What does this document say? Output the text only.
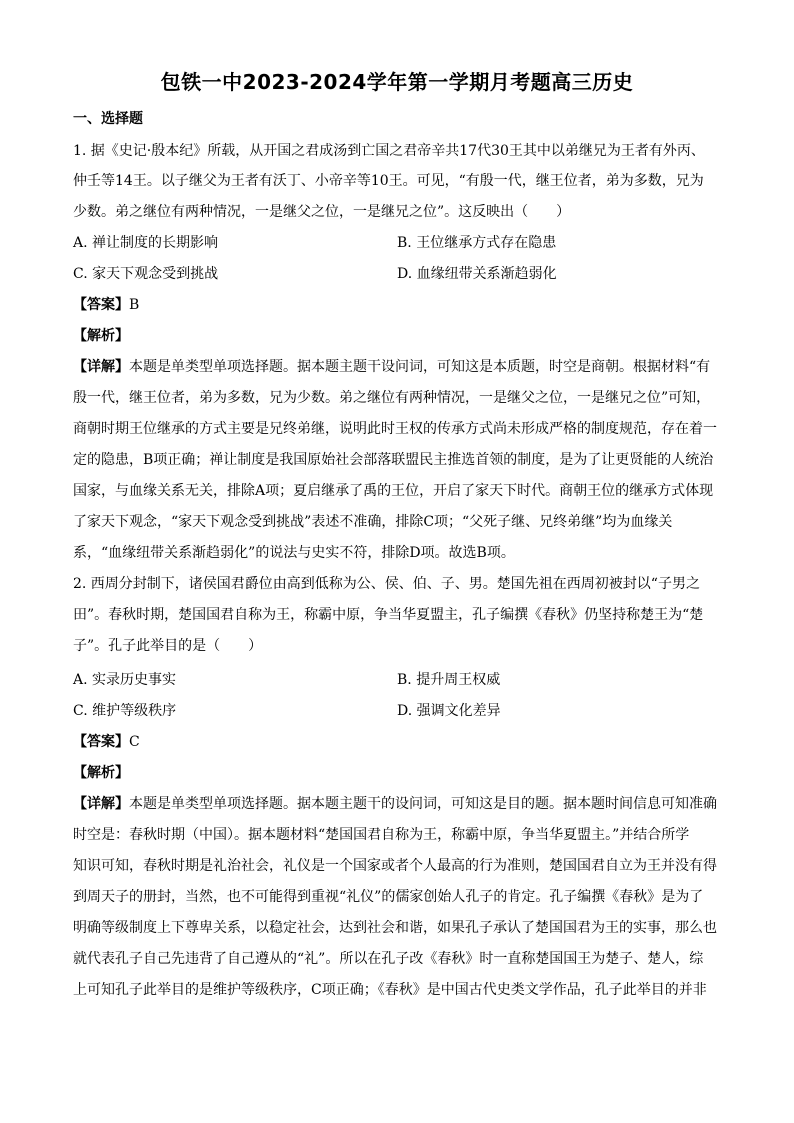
包铁一中2023-2024学年第一学期月考题高三历史
一、选择题
1. 据《史记·殷本纪》所载，从开国之君成汤到亡国之君帝辛共17代30王其中以弟继兄为王者有外丙、
仲壬等14王。以子继父为王者有沃丁、小帝辛等10王。可见，“有殷一代，继王位者，弟为多数，兄为
少数。弟之继位有两种情况，一是继父之位，一是继兄之位”。这反映出（　　）
A. 禅让制度的长期影响	B. 王位继承方式存在隐患
C. 家天下观念受到挑战	D. 血缘纽带关系渐趋弱化
【答案】B
【解析】
【详解】本题是单类型单项选择题。据本题主题干设问词，可知这是本质题，时空是商朝。根据材料“有
殷一代，继王位者，弟为多数，兄为少数。弟之继位有两种情况，一是继父之位，一是继兄之位”可知，
商朝时期王位继承的方式主要是兄终弟继，说明此时王权的传承方式尚未形成严格的制度规范，存在着一
定的隐患，B项正确；禅让制度是我国原始社会部落联盟民主推选首领的制度，是为了让更贤能的人统治
国家，与血缘关系无关，排除A项；夏启继承了禹的王位，开启了家天下时代。商朝王位的继承方式体现
了家天下观念，“家天下观念受到挑战”表述不准确，排除C项；“父死子继、兄终弟继”均为血缘关
系，“血缘纽带关系渐趋弱化”的说法与史实不符，排除D项。故选B项。
2. 西周分封制下，诸侯国君爵位由高到低称为公、侯、伯、子、男。楚国先祖在西周初被封以“子男之
田”。春秋时期，楚国国君自称为王，称霸中原，争当华夏盟主，孔子编撰《春秋》仍坚持称楚王为“楚
子”。孔子此举目的是（　　）
A. 实录历史事实	B. 提升周王权威
C. 维护等级秩序	D. 强调文化差异
【答案】C
【解析】
【详解】本题是单类型单项选择题。据本题主题干的设问词，可知这是目的题。据本题时间信息可知准确
时空是：春秋时期（中国）。据本题材料“楚国国君自称为王，称霸中原，争当华夏盟主。”并结合所学
知识可知，春秋时期是礼治社会，礼仪是一个国家或者个人最高的行为准则，楚国国君自立为王并没有得
到周天子的册封，当然，也不可能得到重视“礼仪”的儒家创始人孔子的肯定。孔子编撰《春秋》是为了
明确等级制度上下尊卑关系，以稳定社会，达到社会和谐，如果孔子承认了楚国国君为王的实事，那么也
就代表孔子自己先违背了自己遵从的“礼”。所以在孔子改《春秋》时一直称楚国国王为楚子、楚人，综
上可知孔子此举目的是维护等级秩序，C项正确；《春秋》是中国古代史类文学作品，孔子此举目的并非
